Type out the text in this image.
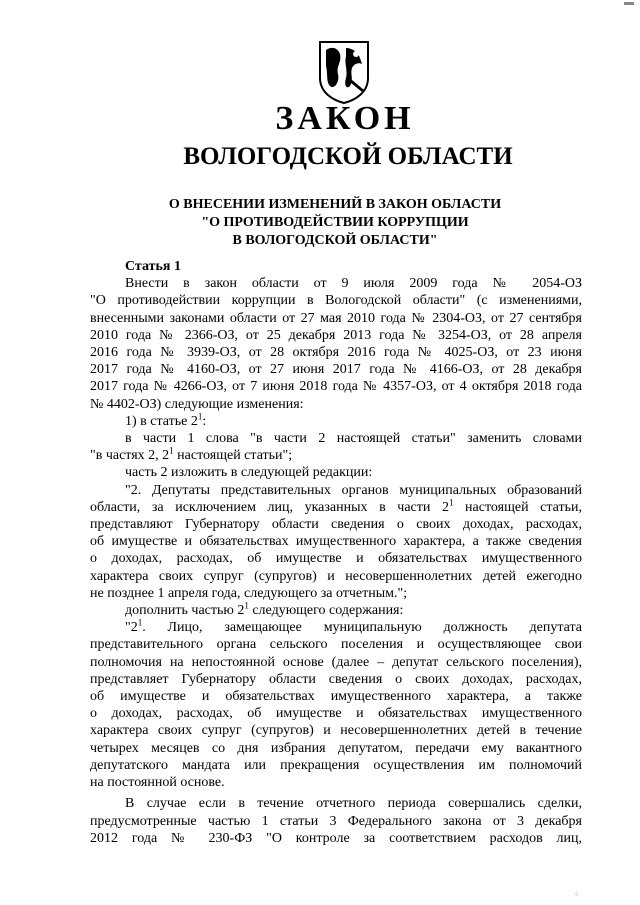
ЗАКОН
ВОЛОГОДСКОЙ ОБЛАСТИ
О ВНЕСЕНИИ ИЗМЕНЕНИЙ В ЗАКОН ОБЛАСТИ
"О ПРОТИВОДЕЙСТВИИ КОРРУПЦИИ
В ВОЛОГОДСКОЙ ОБЛАСТИ"
Статья 1
Внести в закон области от 9 июля 2009 года № 2054-ОЗ
"О противодействии коррупции в Вологодской области" (с изменениями,
внесенными законами области от 27 мая 2010 года № 2304-ОЗ, от 27 сентября
2010 года № 2366-ОЗ, от 25 декабря 2013 года № 3254-ОЗ, от 28 апреля
2016 года № 3939-ОЗ, от 28 октября 2016 года № 4025-ОЗ, от 23 июня
2017 года № 4160-ОЗ, от 27 июня 2017 года № 4166-ОЗ, от 28 декабря
2017 года № 4266-ОЗ, от 7 июня 2018 года № 4357-ОЗ, от 4 октября 2018 года
№ 4402-ОЗ) следующие изменения:
1) в статье $2^1$:
в части 1 слова "в части 2 настоящей статьи" заменить словами
"в частях 2, $2^1$ настоящей статьи";
часть 2 изложить в следующей редакции:
"2. Депутаты представительных органов муниципальных образований
области, за исключением лиц, указанных в части $2^1$ настоящей статьи,
представляют Губернатору области сведения о своих доходах, расходах,
об имуществе и обязательствах имущественного характера, а также сведения
о доходах, расходах, об имуществе и обязательствах имущественного
характера своих супруг (супругов) и несовершеннолетних детей ежегодно
не позднее 1 апреля года, следующего за отчетным.";
дополнить частью $2^1$ следующего содержания:
"$2^1$. Лицо, замещающее муниципальную должность депутата
представительного органа сельского поселения и осуществляющее свои
полномочия на непостоянной основе (далее – депутат сельского поселения),
представляет Губернатору области сведения о своих доходах, расходах,
об имуществе и обязательствах имущественного характера, а также
о доходах, расходах, об имуществе и обязательствах имущественного
характера своих супруг (супругов) и несовершеннолетних детей в течение
четырех месяцев со дня избрания депутатом, передачи ему вакантного
депутатского мандата или прекращения осуществления им полномочий
на постоянной основе.
В случае если в течение отчетного периода совершались сделки,
предусмотренные частью 1 статьи 3 Федерального закона от 3 декабря
2012 года № 230-ФЗ "О контроле за соответствием расходов лиц,
⁘
